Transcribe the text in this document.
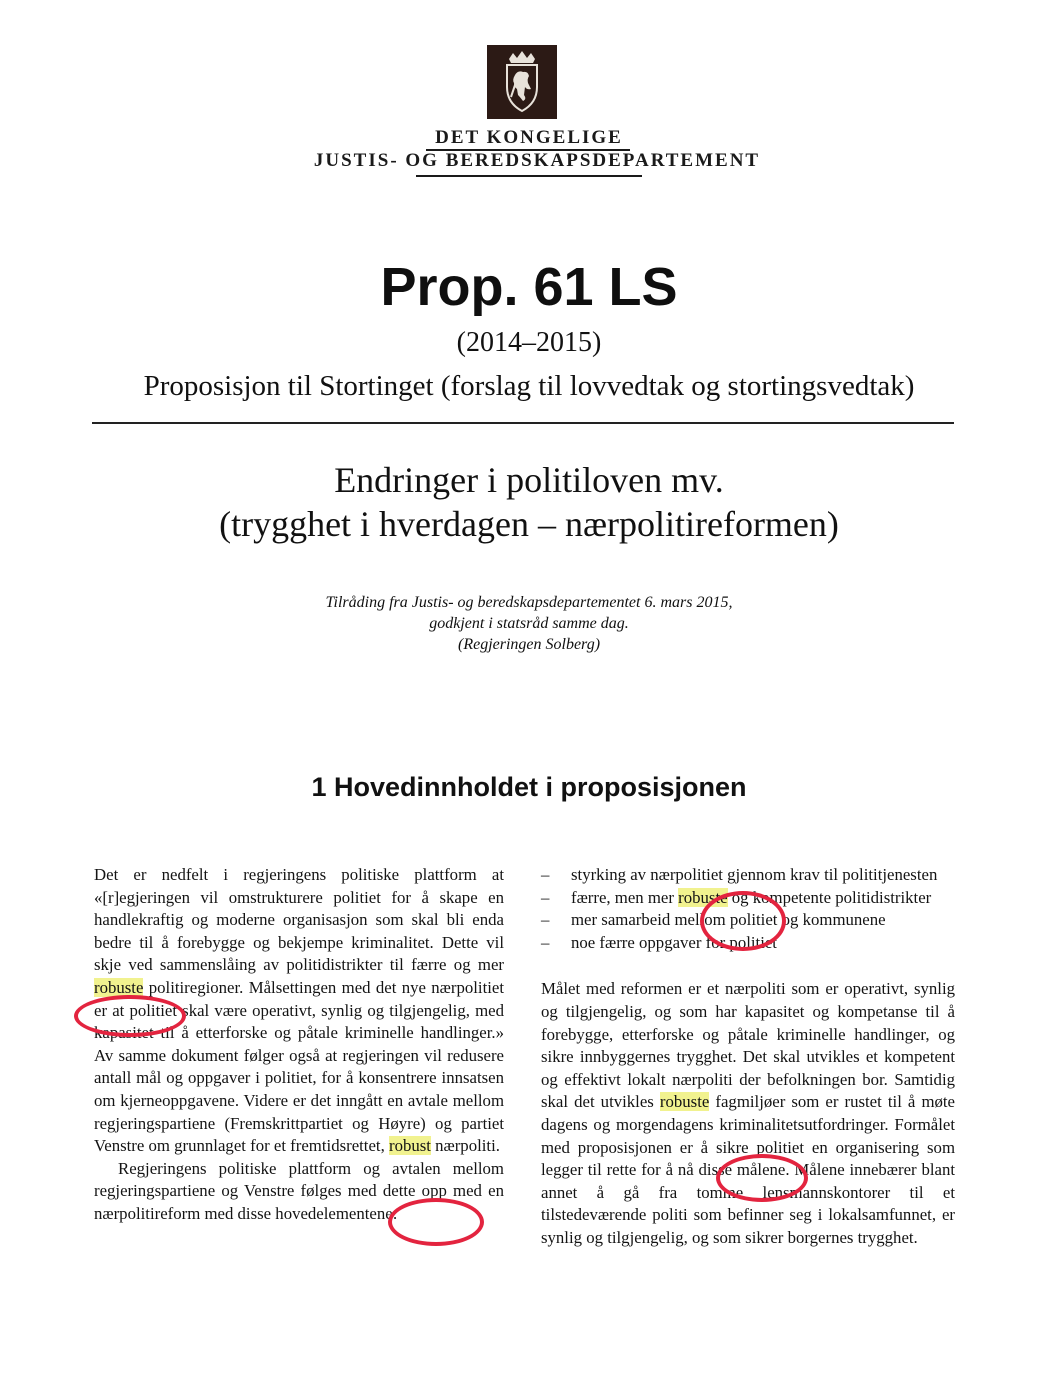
DET KONGELIGE
JUSTIS- OG BEREDSKAPSDEPARTEMENT
Prop. 61 LS
(2014–2015)
Proposisjon til Stortinget (forslag til lovvedtak og stortingsvedtak)
Endringer i politiloven mv.
(trygghet i hverdagen – nærpolitireformen)
Tilråding fra Justis- og beredskapsdepartementet 6. mars 2015,
godkjent i statsråd samme dag.
(Regjeringen Solberg)
1 Hovedinnholdet i proposisjonen

Det er nedfelt i regjeringens politiske plattform at «[r]egjeringen vil omstrukturere politiet for å skape en handlekraftig og moderne organisasjon som skal bli enda bedre til å forebygge og bekjempe kriminalitet. Dette vil skje ved sammenslåing av politidistrikter til færre og mer robuste politiregioner. Målsettingen med det nye nærpolitiet er at politiet skal være operativt, synlig og tilgjengelig, med kapasitet til å etterforske og påtale kriminelle handlinger.» Av samme dokument følger også at regjeringen vil redusere antall mål og oppgaver i politiet, for å konsentrere innsatsen om kjerneoppgavene. Videre er det inngått en avtale mellom regjeringspartiene (Fremskrittpartiet og Høyre) og partiet Venstre om grunnlaget for et fremtidsrettet, robust nærpoliti.

Regjeringens politiske plattform og avtalen mellom regjeringspartiene og Venstre følges med dette opp med en nærpolitireform med disse hovedelementene:

– styrking av nærpolitiet gjennom krav til polititjenesten
– færre, men mer robuste og kompetente politidistrikter
– mer samarbeid mellom politiet og kommunene
– noe færre oppgaver for politiet

Målet med reformen er et nærpoliti som er operativt, synlig og tilgjengelig, og som har kapasitet og kompetanse til å forebygge, etterforske og påtale kriminelle handlinger, og sikre innbyggernes trygghet. Det skal utvikles et kompetent og effektivt lokalt nærpoliti der befolkningen bor. Samtidig skal det utvikles robuste fagmiljøer som er rustet til å møte dagens og morgendagens kriminalitetsutfordringer. Formålet med proposisjonen er å sikre politiet en organisering som legger til rette for å nå disse målene. Målene innebærer blant annet å gå fra tomme lensmannskontorer til et tilstedeværende politi som befinner seg i lokalsamfunnet, er synlig og tilgjengelig, og som sikrer borgernes trygghet.
